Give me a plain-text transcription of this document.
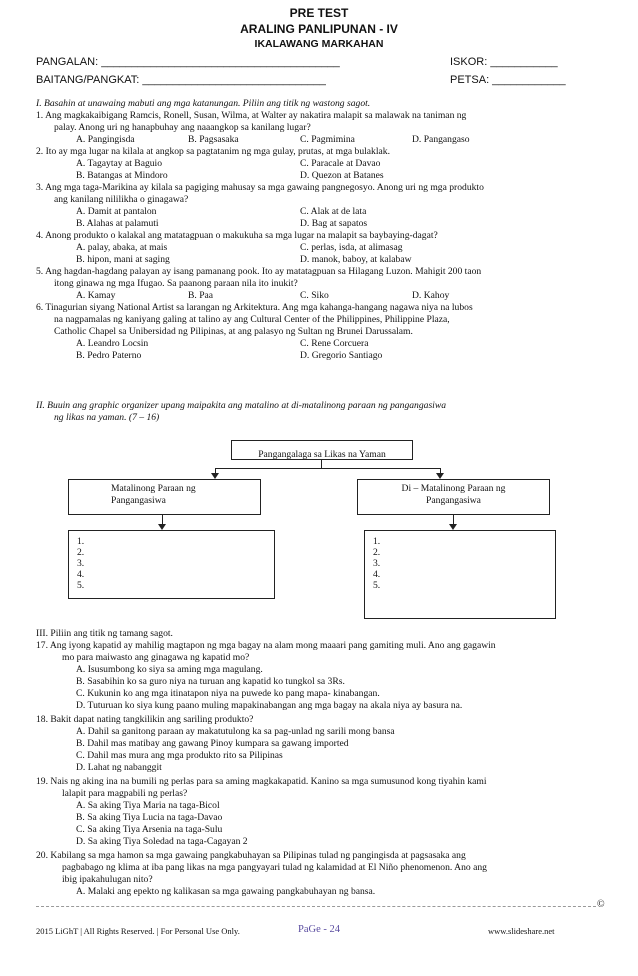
PRE TEST
ARALING PANLIPUNAN - IV
IKALAWANG MARKAHAN
PANGALAN: _______________________________________	ISKOR: ___________
BAITANG/PANGKAT: ______________________________	PETSA: ____________
I. Basahin at unawaing mabuti ang mga katanungan. Piliin ang titik ng wastong sagot.
1. Ang magkakaibigang Ramcis, Ronell, Susan, Wilma, at Walter ay nakatira malapit sa malawak na taniman ng
palay. Anong uri ng hanapbuhay ang naaangkop sa kanilang lugar?
A. Pangingisda	B. Pagsasaka	C. Pagmimina	D. Pangangaso
2. Ito ay mga lugar na kilala at angkop sa pagtatanim ng mga gulay, prutas, at mga bulaklak.
A. Tagaytay at Baguio	C. Paracale at Davao
B. Batangas at Mindoro	D. Quezon at Batanes
3. Ang mga taga-Marikina ay kilala sa pagiging mahusay sa mga gawaing pangnegosyo. Anong uri ng mga produkto
ang kanilang nililikha o ginagawa?
A. Damit at pantalon	C. Alak at de lata
B. Alahas at palamuti	D. Bag at sapatos
4. Anong produkto o kalakal ang matatagpuan o makukuha sa mga lugar na malapit sa baybaying-dagat?
A. palay, abaka, at mais	C. perlas, isda, at alimasag
B. hipon, mani at saging	D. manok, baboy, at kalabaw
5. Ang hagdan-hagdang palayan ay isang pamanang pook. Ito ay matatagpuan sa Hilagang Luzon. Mahigit 200 taon
itong ginawa ng mga Ifugao. Sa paanong paraan nila ito inukit?
A. Kamay	B. Paa	C. Siko	D. Kahoy
6. Tinagurian siyang National Artist sa larangan ng Arkitektura. Ang mga kahanga-hangang nagawa niya na lubos
na nagpamalas ng kaniyang galing at talino ay ang Cultural Center of the Philippines, Philippine Plaza,
Catholic Chapel sa Unibersidad ng Pilipinas, at ang palasyo ng Sultan ng Brunei Darussalam.
A. Leandro Locsin	C. Rene Corcuera
B. Pedro Paterno	D. Gregorio Santiago
II. Buuin ang graphic organizer upang maipakita ang matalino at di-matalinong paraan ng pangangasiwa
ng likas na yaman. (7 – 16)
Pangangalaga sa Likas na Yaman
Matalinong Paraan ng
Pangangasiwa
Di – Matalinong Paraan ng
Pangangasiwa
1.
2.
3.
4.
5.
1.
2.
3.
4.
5.
III. Piliin ang titik ng tamang sagot.
17. Ang iyong kapatid ay mahilig magtapon ng mga bagay na alam mong maaari pang gamiting muli. Ano ang gagawin
mo para maiwasto ang ginagawa ng kapatid mo?
A. Isusumbong ko siya sa aming mga magulang.
B. Sasabihin ko sa guro niya na turuan ang kapatid ko tungkol sa 3Rs.
C. Kukunin ko ang mga itinatapon niya na puwede ko pang mapa- kinabangan.
D. Tuturuan ko siya kung paano muling mapakinabangan ang mga bagay na akala niya ay basura na.
18. Bakit dapat nating tangkilikin ang sariling produkto?
A. Dahil sa ganitong paraan ay makatutulong ka sa pag-unlad ng sarili mong bansa
B. Dahil mas matibay ang gawang Pinoy kumpara sa gawang imported
C. Dahil mas mura ang mga produkto rito sa Pilipinas
D. Lahat ng nabanggit
19. Nais ng aking ina na bumili ng perlas para sa aming magkakapatid. Kanino sa mga sumusunod kong tiyahin kami
lalapit para magpabili ng perlas?
A. Sa aking Tiya Maria na taga-Bicol
B. Sa aking Tiya Lucia na taga-Davao
C. Sa aking Tiya Arsenia na taga-Sulu
D. Sa aking Tiya Soledad na taga-Cagayan 2
20. Kabilang sa mga hamon sa mga gawaing pangkabuhayan sa Pilipinas tulad ng pangingisda at pagsasaka ang
pagbabago ng klima at iba pang likas na mga pangyayari tulad ng kalamidad at El Niño phenomenon. Ano ang
ibig ipakahulugan nito?
A. Malaki ang epekto ng kalikasan sa mga gawaing pangkabuhayan ng bansa.
©
2015 LiGhT | All Rights Reserved. | For Personal Use Only.	PaGe - 24	www.slideshare.net
